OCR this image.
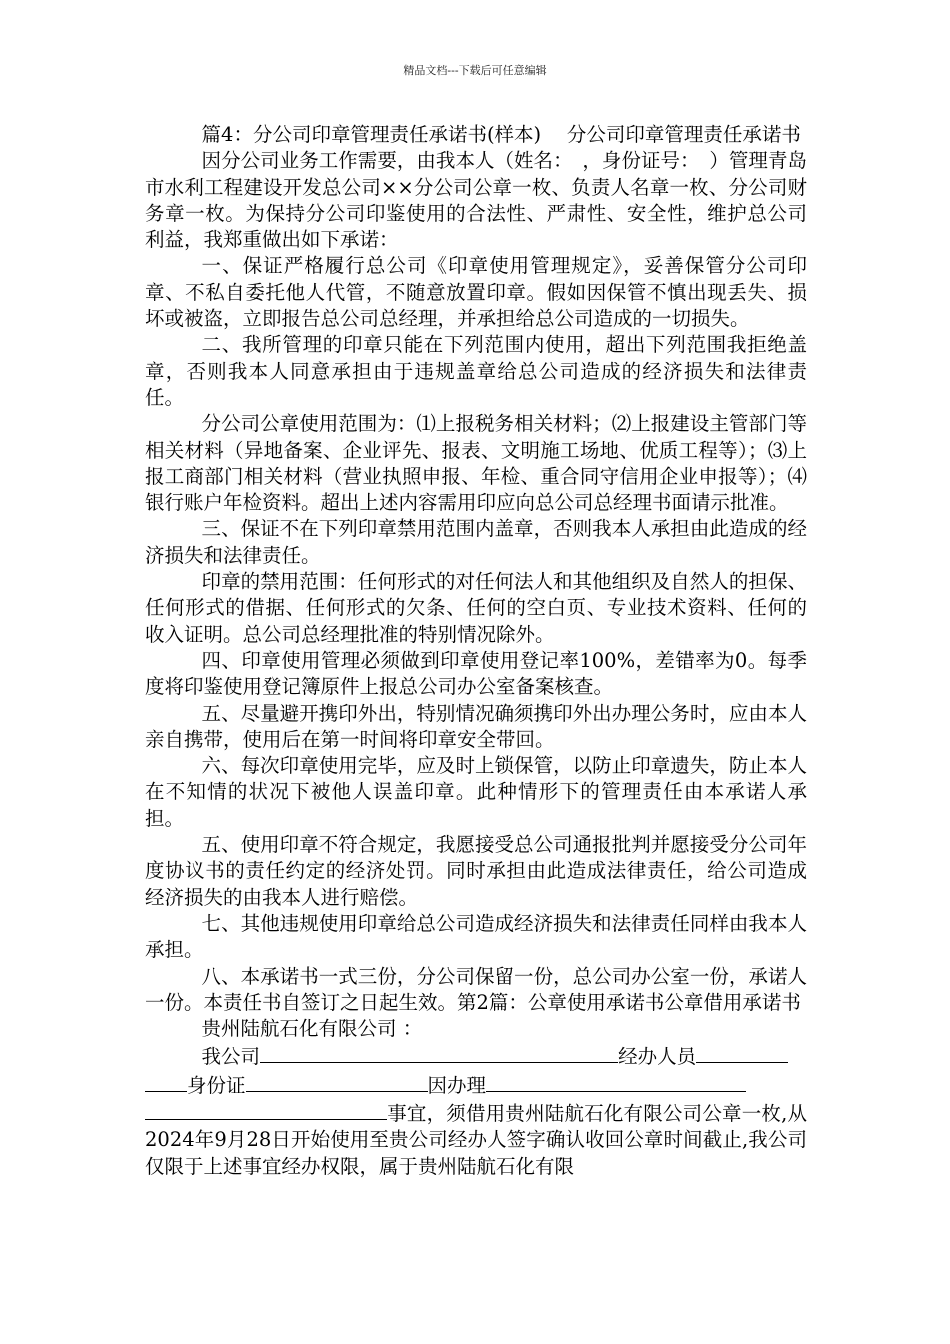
精品文档---下载后可任意编辑

篇4：分公司印章管理责任承诺书(样本)　 分公司印章管理责任承诺书

因分公司业务工作需要，由我本人（姓名：　，身份证号：　）管理青岛市水利工程建设开发总公司××分公司公章一枚、负责人名章一枚、分公司财务章一枚。为保持分公司印鉴使用的合法性、严肃性、安全性，维护总公司利益，我郑重做出如下承诺：

一、保证严格履行总公司《印章使用管理规定》，妥善保管分公司印章、不私自委托他人代管，不随意放置印章。假如因保管不慎出现丢失、损坏或被盗，立即报告总公司总经理，并承担给总公司造成的一切损失。

二、我所管理的印章只能在下列范围内使用，超出下列范围我拒绝盖章，否则我本人同意承担由于违规盖章给总公司造成的经济损失和法律责任。

分公司公章使用范围为：⑴上报税务相关材料；⑵上报建设主管部门等相关材料（异地备案、企业评先、报表、文明施工场地、优质工程等）；⑶上报工商部门相关材料（营业执照申报、年检、重合同守信用企业申报等）；⑷银行账户年检资料。超出上述内容需用印应向总公司总经理书面请示批准。

三、保证不在下列印章禁用范围内盖章，否则我本人承担由此造成的经济损失和法律责任。

印章的禁用范围：任何形式的对任何法人和其他组织及自然人的担保、任何形式的借据、任何形式的欠条、任何的空白页、专业技术资料、任何的收入证明。总公司总经理批准的特别情况除外。

四、印章使用管理必须做到印章使用登记率100%，差错率为0。每季度将印鉴使用登记簿原件上报总公司办公室备案核查。

五、尽量避开携印外出，特别情况确须携印外出办理公务时，应由本人亲自携带，使用后在第一时间将印章安全带回。

六、每次印章使用完毕，应及时上锁保管，以防止印章遗失，防止本人在不知情的状况下被他人误盖印章。此种情形下的管理责任由本承诺人承担。

五、使用印章不符合规定，我愿接受总公司通报批判并愿接受分公司年度协议书的责任约定的经济处罚。同时承担由此造成法律责任，给公司造成经济损失的由我本人进行赔偿。

七、其他违规使用印章给总公司造成经济损失和法律责任同样由我本人承担。

八、本承诺书一式三份，分公司保留一份，总公司办公室一份，承诺人一份。本责任书自签订之日起生效。第2篇：公章使用承诺书公章借用承诺书

贵州陆航石化有限公司 ：

我公司	经办人员

身份证	因办理

事宜，须借用贵州陆航石化有限公司公章一枚,从2024年9月28日开始使用至贵公司经办人签字确认收回公章时间截止,我公司仅限于上述事宜经办权限，属于贵州陆航石化有限
